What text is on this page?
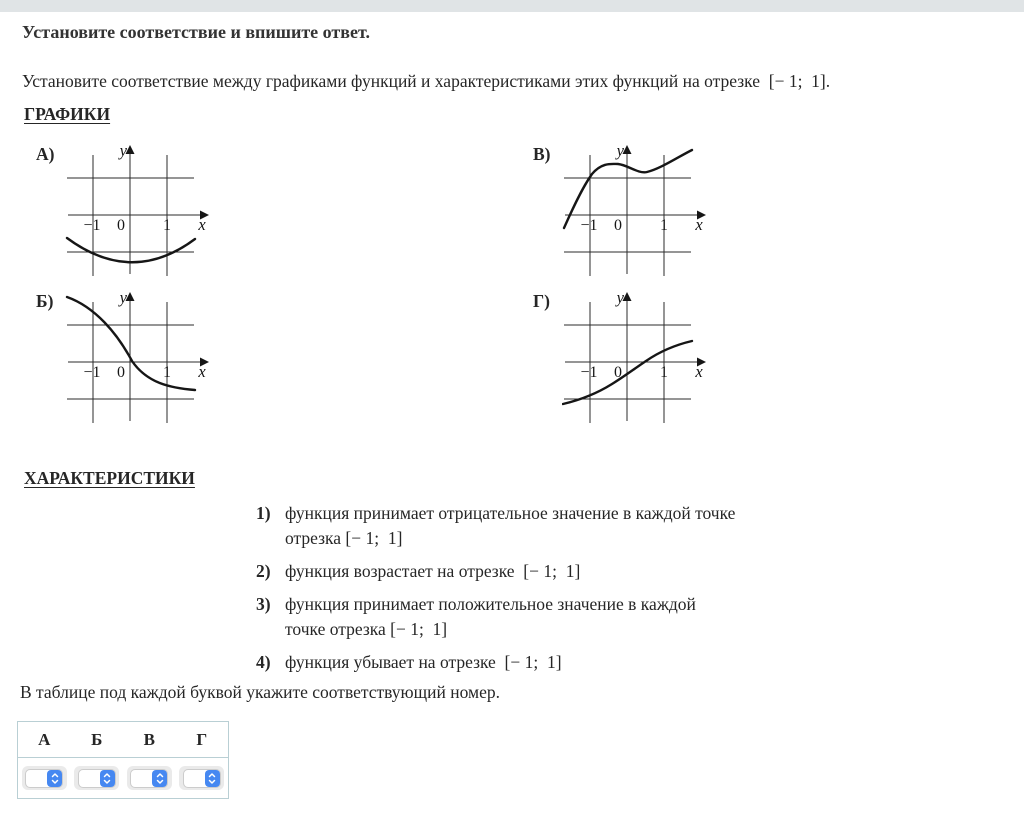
Установите соответствие и впишите ответ.
Установите соответствие между графиками функций и характеристиками этих функций на отрезке  [− 1;  1].
ГРАФИКИ
А)
−1 0 1 x
y	В)
−1 0 1 x
y
Б)
−1 0 1 x
y	Г)
−1 0 1 x
y
ХАРАКТЕРИСТИКИ
1) функция принимает отрицательное значение в каждой точке отрезка [− 1;  1]
2) функция возрастает на отрезке  [− 1;  1]
3) функция принимает положительное значение в каждой точке отрезка [− 1;  1]
4) функция убывает на отрезке  [− 1;  1]
В таблице под каждой буквой укажите соответствующий номер.
А	Б	В	Г
